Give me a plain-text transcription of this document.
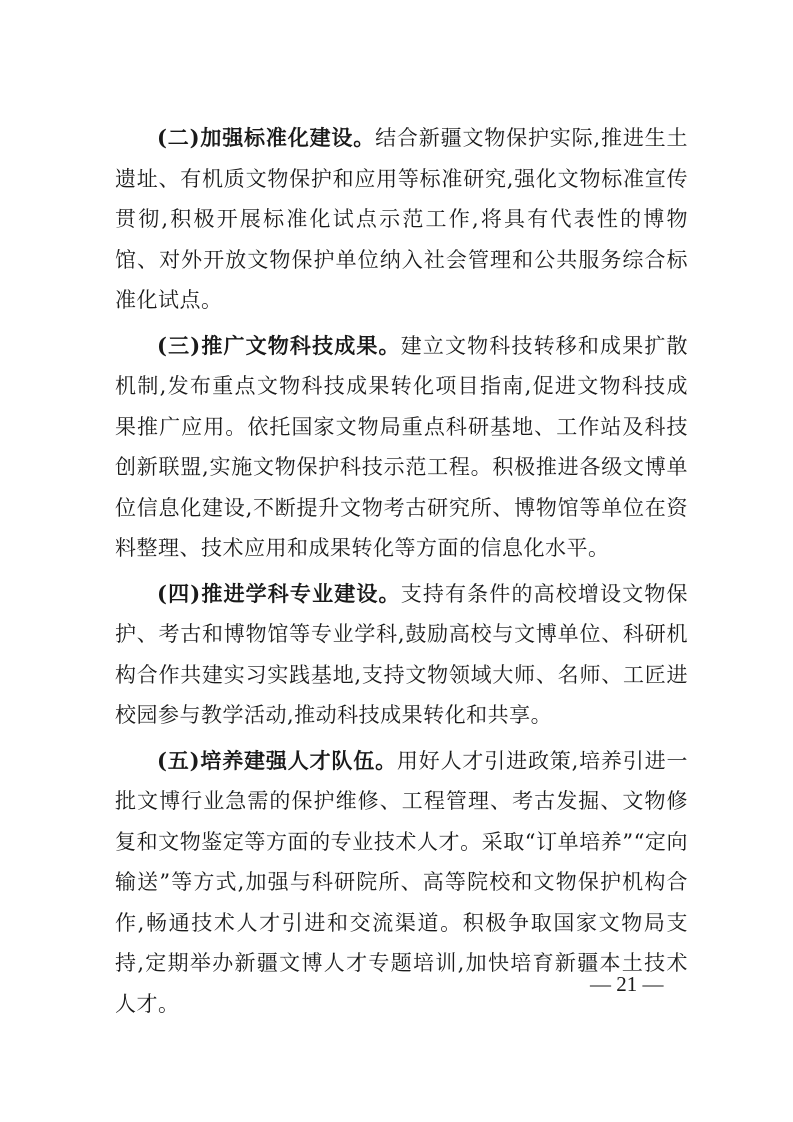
(二)加强标准化建设。结合新疆文物保护实际,推进生土遗址、有机质文物保护和应用等标准研究,强化文物标准宣传贯彻,积极开展标准化试点示范工作,将具有代表性的博物馆、对外开放文物保护单位纳入社会管理和公共服务综合标准化试点。

(三)推广文物科技成果。建立文物科技转移和成果扩散机制,发布重点文物科技成果转化项目指南,促进文物科技成果推广应用。依托国家文物局重点科研基地、工作站及科技创新联盟,实施文物保护科技示范工程。积极推进各级文博单位信息化建设,不断提升文物考古研究所、博物馆等单位在资料整理、技术应用和成果转化等方面的信息化水平。

(四)推进学科专业建设。支持有条件的高校增设文物保护、考古和博物馆等专业学科,鼓励高校与文博单位、科研机构合作共建实习实践基地,支持文物领域大师、名师、工匠进校园参与教学活动,推动科技成果转化和共享。

(五)培养建强人才队伍。用好人才引进政策,培养引进一批文博行业急需的保护维修、工程管理、考古发掘、文物修复和文物鉴定等方面的专业技术人才。采取“订单培养”“定向输送”等方式,加强与科研院所、高等院校和文物保护机构合作,畅通技术人才引进和交流渠道。积极争取国家文物局支持,定期举办新疆文博人才专题培训,加快培育新疆本土技术人才。

— 21 —
